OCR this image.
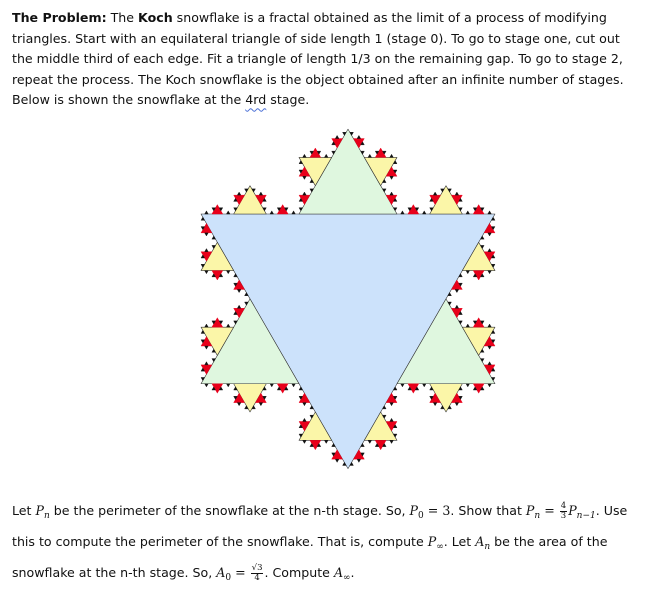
The Problem: The Koch snowflake is a fractal obtained as the limit of a process of modifying triangles. Start with an equilateral triangle of side length 1 (stage 0). To go to stage one, cut out the middle third of each edge. Fit a triangle of length 1/3 on the remaining gap. To go to stage 2, repeat the process. The Koch snowflake is the object obtained after an infinite number of stages. Below is shown the snowflake at the 4rd stage.
Let $P_n$ be the perimeter of the snowflake at the n-th stage. So, $P_0 = 3$. Show that $P_n = \frac{4}{3} P_{n-1}$. Use this to compute the perimeter of the snowflake. That is, compute $P_\infty$. Let $A_n$ be the area of the snowflake at the n-th stage. So, $A_0 = \frac{√3}{4}$ . Compute $A_\infty$.
